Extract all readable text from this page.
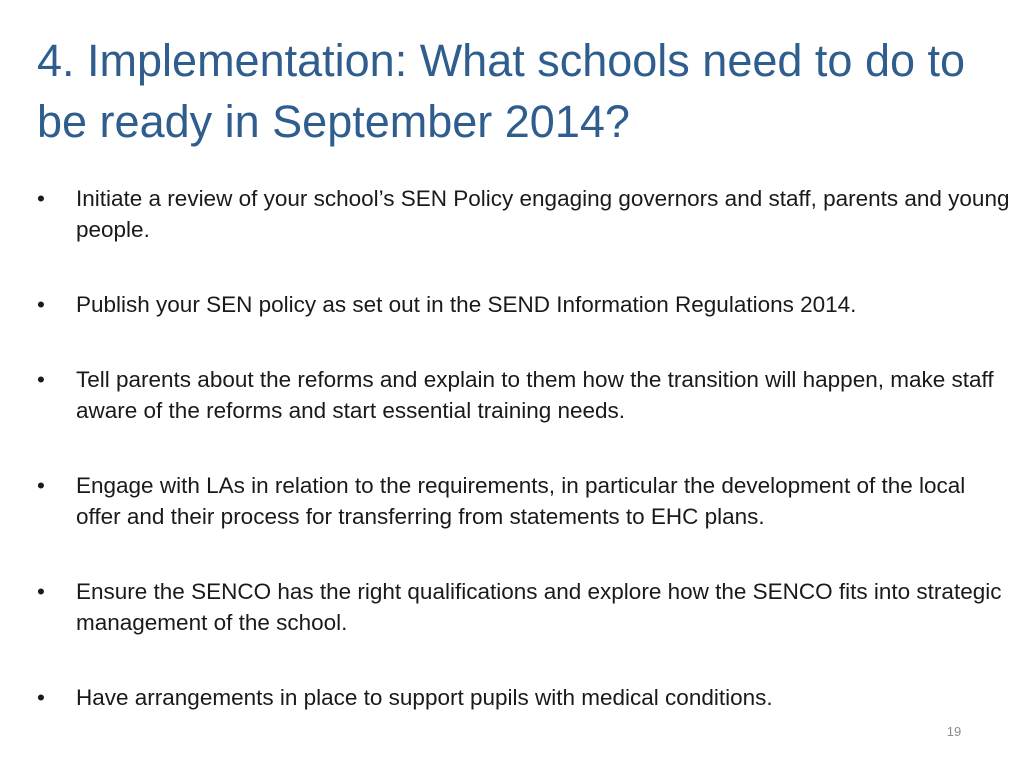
4. Implementation: What schools need to do to be ready in September 2014?
•	Initiate a review of your school’s SEN Policy engaging governors and staff, parents and young people.
•	Publish your SEN policy as set out in the SEND Information Regulations 2014.
•	Tell parents about the reforms and explain to them how the transition will happen, make staff aware of the reforms and start essential training needs.
•	Engage with LAs in relation to the requirements, in particular the development of the local offer and their process for transferring from statements to EHC plans.
•	Ensure the SENCO has the right qualifications and explore how the SENCO fits into strategic management of the school.
•	Have arrangements in place to support pupils with medical conditions.
19
